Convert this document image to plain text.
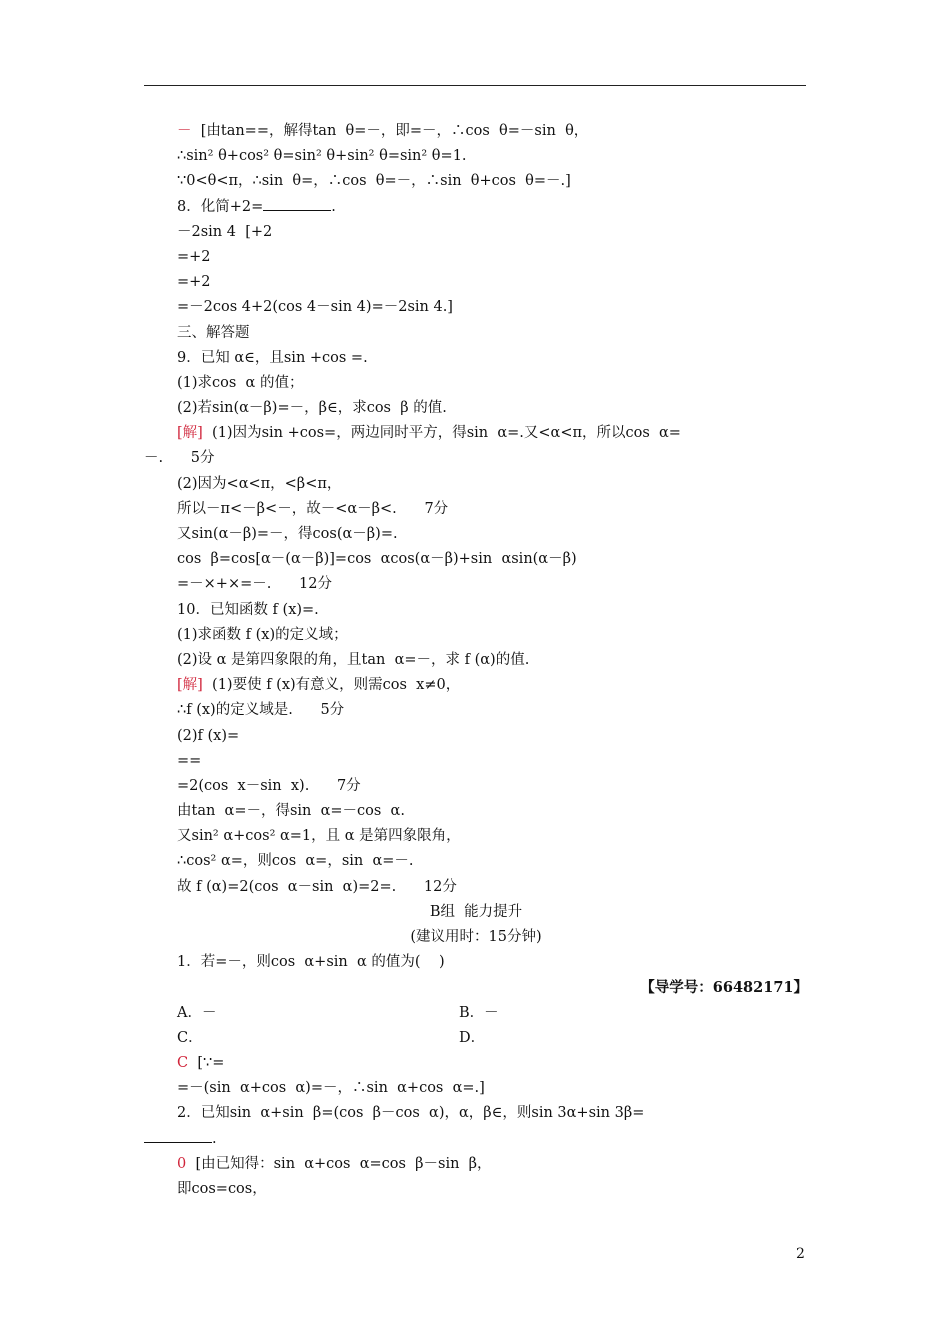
－  [由tan==，解得tan  θ=－，即=－，∴cos  θ=－sin  θ，
∴sin² θ+cos² θ=sin² θ+sin² θ=sin² θ=1.
∵0<θ<π，∴sin  θ=，∴cos  θ=－，∴sin  θ+cos  θ=－.]
8．化简+2=	.
－2sin 4  [+2
=+2
=+2
=－2cos 4+2(cos 4－sin 4)=－2sin 4.]
三、解答题
9．已知 α∈，且sin +cos =.
(1)求cos  α 的值；
(2)若sin(α－β)=－，β∈，求cos  β 的值.
[解]  (1)因为sin +cos=，两边同时平方，得sin  α=.又<α<π，所以cos  α=
－.      5分
(2)因为<α<π，<β<π，
所以－π<－β<－，故－<α－β<.      7分
又sin(α－β)=－，得cos(α－β)=.
cos  β=cos[α－(α－β)]=cos  αcos(α－β)+sin  αsin(α－β)
=－×+×=－.      12分
10．已知函数 f (x)=.
(1)求函数 f (x)的定义域；
(2)设 α 是第四象限的角，且tan  α=－，求 f (α)的值.
[解]  (1)要使 f (x)有意义，则需cos  x≠0，
∴f (x)的定义域是.      5分
(2)f (x)=
==
=2(cos  x－sin  x).      7分
由tan  α=－，得sin  α=－cos  α.
又sin² α+cos² α=1，且 α 是第四象限角，
∴cos² α=，则cos  α=，sin  α=－.
故 f (α)=2(cos  α－sin  α)=2=.      12分
B组  能力提升
(建议用时：15分钟)
1．若=－，则cos  α+sin  α 的值为(    )
【导学号：66482171】
A．－	B．－
C．	D．
C  [∵=
=－(sin  α+cos  α)=－，∴sin  α+cos  α=.]
2．已知sin  α+sin  β=(cos  β－cos  α)，α，β∈，则sin 3α+sin 3β=
.
0  [由已知得：sin  α+cos  α=cos  β－sin  β，
即cos=cos，
2
